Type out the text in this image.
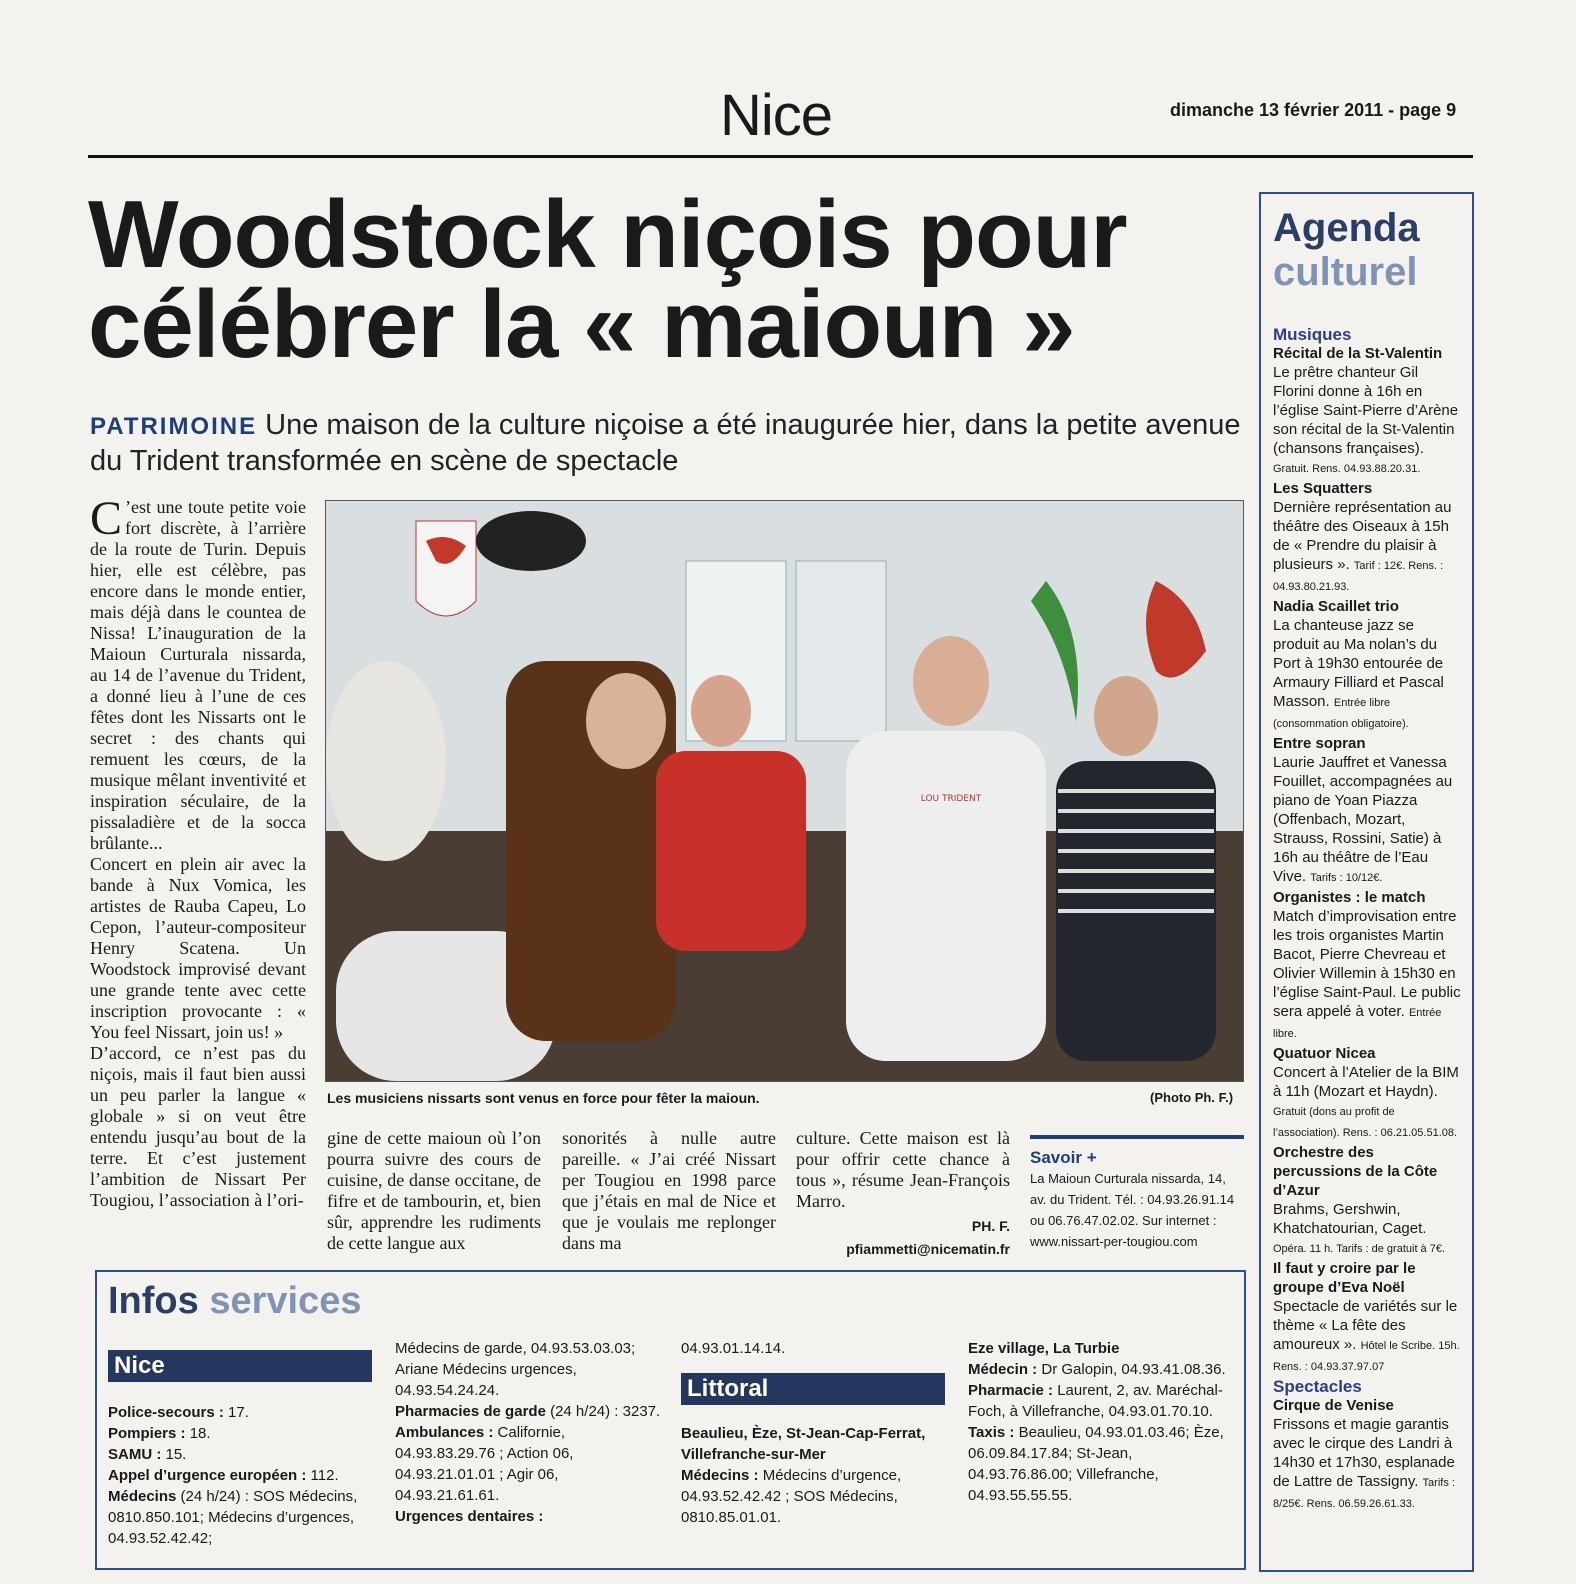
Nice	dimanche 13 février 2011 - page 9
Woodstock niçois pour
célébrer la « maioun »
PATRIMOINE Une maison de la culture niçoise a été inaugurée hier, dans la petite avenue du Trident transformée en scène de spectacle

C ’est une toute petite voie fort discrète, à l’arrière de la route de Turin. Depuis hier, elle est célèbre, pas encore dans le monde entier, mais déjà dans le countea de Nissa! L’inauguration de la Maioun Curturala nissarda, au 14 de l’avenue du Trident, a donné lieu à l’une de ces fêtes dont les Nissarts ont le secret : des chants qui remuent les cœurs, de la musique mêlant inventivité et inspiration séculaire, de la pissaladière et de la socca brûlante...

Concert en plein air avec la bande à Nux Vomica, les artistes de Rauba Capeu, Lo Cepon, l’auteur-compositeur Henry Scatena. Un Woodstock improvisé devant une grande tente avec cette inscription provocante : « You feel Nissart, join us! »

D’accord, ce n’est pas du niçois, mais il faut bien aussi un peu parler la langue « globale » si on veut être entendu jusqu’au bout de la terre. Et c’est justement l’ambition de Nissart Per Tougiou, l’association à l’ori-

LOU TRIDENT
Les musiciens nissarts sont venus en force pour fêter la maioun.	(Photo Ph. F.)
gine de cette maioun où l’on pourra suivre des cours de cuisine, de danse occitane, de fifre et de tambourin, et, bien sûr, apprendre les rudiments de cette langue aux
sonorités à nulle autre pareille. « J’ai créé Nissart per Tougiou en 1998 parce que j’étais en mal de Nice et que je voulais me replonger dans ma
culture. Cette maison est là pour offrir cette chance à tous », résume Jean-François Marro.
PH. F.
pfiammetti@nicematin.fr
Savoir +
La Maioun Curturala nissarda, 14, av. du Trident. Tél. : 04.93.26.91.14 ou 06.76.47.02.02. Sur internet : www.nissart-per-tougiou.com
Agenda
culturel
Musiques
Récital de la St-Valentin
Le prêtre chanteur Gil Florini donne à 16h en l’église Saint-Pierre d’Arène son récital de la St-Valentin (chansons françaises). Gratuit. Rens. 04.93.88.20.31.
Les Squatters
Dernière représentation au théâtre des Oiseaux à 15h de « Prendre du plaisir à plusieurs ». Tarif : 12€. Rens. : 04.93.80.21.93.
Nadia Scaillet trio
La chanteuse jazz se produit au Ma nolan’s du Port à 19h30 entourée de Armaury Filliard et Pascal Masson. Entrée libre (consommation obligatoire).
Entre sopran
Laurie Jauffret et Vanessa Fouillet, accompagnées au piano de Yoan Piazza (Offenbach, Mozart, Strauss, Rossini, Satie) à 16h au théâtre de l’Eau Vive. Tarifs : 10/12€.
Organistes : le match
Match d’improvisation entre les trois organistes Martin Bacot, Pierre Chevreau et Olivier Willemin à 15h30 en l’église Saint-Paul. Le public sera appelé à voter. Entrée libre.
Quatuor Nicea
Concert à l’Atelier de la BIM à 11h (Mozart et Haydn). Gratuit (dons au profit de l’association). Rens. : 06.21.05.51.08.
Orchestre des percussions de la Côte d’Azur
Brahms, Gershwin, Khatchatourian, Caget. Opéra. 11 h. Tarifs : de gratuit à 7€.
Il faut y croire par le groupe d’Eva Noël
Spectacle de variétés sur le thème « La fête des amoureux ». Hôtel le Scribe. 15h. Rens. : 04.93.37.97.07
Spectacles
Cirque de Venise
Frissons et magie garantis avec le cirque des Landri à 14h30 et 17h30, esplanade de Lattre de Tassigny. Tarifs : 8/25€. Rens. 06.59.26.61.33.
Infos services
Nice
Littoral
Police-secours : 17.
Pompiers : 18.
SAMU : 15.
Appel d’urgence européen : 112.
Médecins (24 h/24) : SOS Médecins, 0810.850.101; Médecins d’urgences, 04.93.52.42.42;
Médecins de garde, 04.93.53.03.03; Ariane Médecins urgences, 04.93.54.24.24.
Pharmacies de garde (24 h/24) : 3237.
Ambulances : Californie, 04.93.83.29.76 ; Action 06, 04.93.21.01.01 ; Agir 06, 04.93.21.61.61.
Urgences dentaires :
04.93.01.14.14.
Beaulieu, Èze, St-Jean-Cap-Ferrat, Villefranche-sur-Mer
Médecins : Médecins d’urgence, 04.93.52.42.42 ; SOS Médecins, 0810.85.01.01.
Eze village, La Turbie
Médecin : Dr Galopin, 04.93.41.08.36.
Pharmacie : Laurent, 2, av. Maréchal-Foch, à Villefranche, 04.93.01.70.10.
Taxis : Beaulieu, 04.93.01.03.46; Èze, 06.09.84.17.84; St-Jean, 04.93.76.86.00; Villefranche, 04.93.55.55.55.
